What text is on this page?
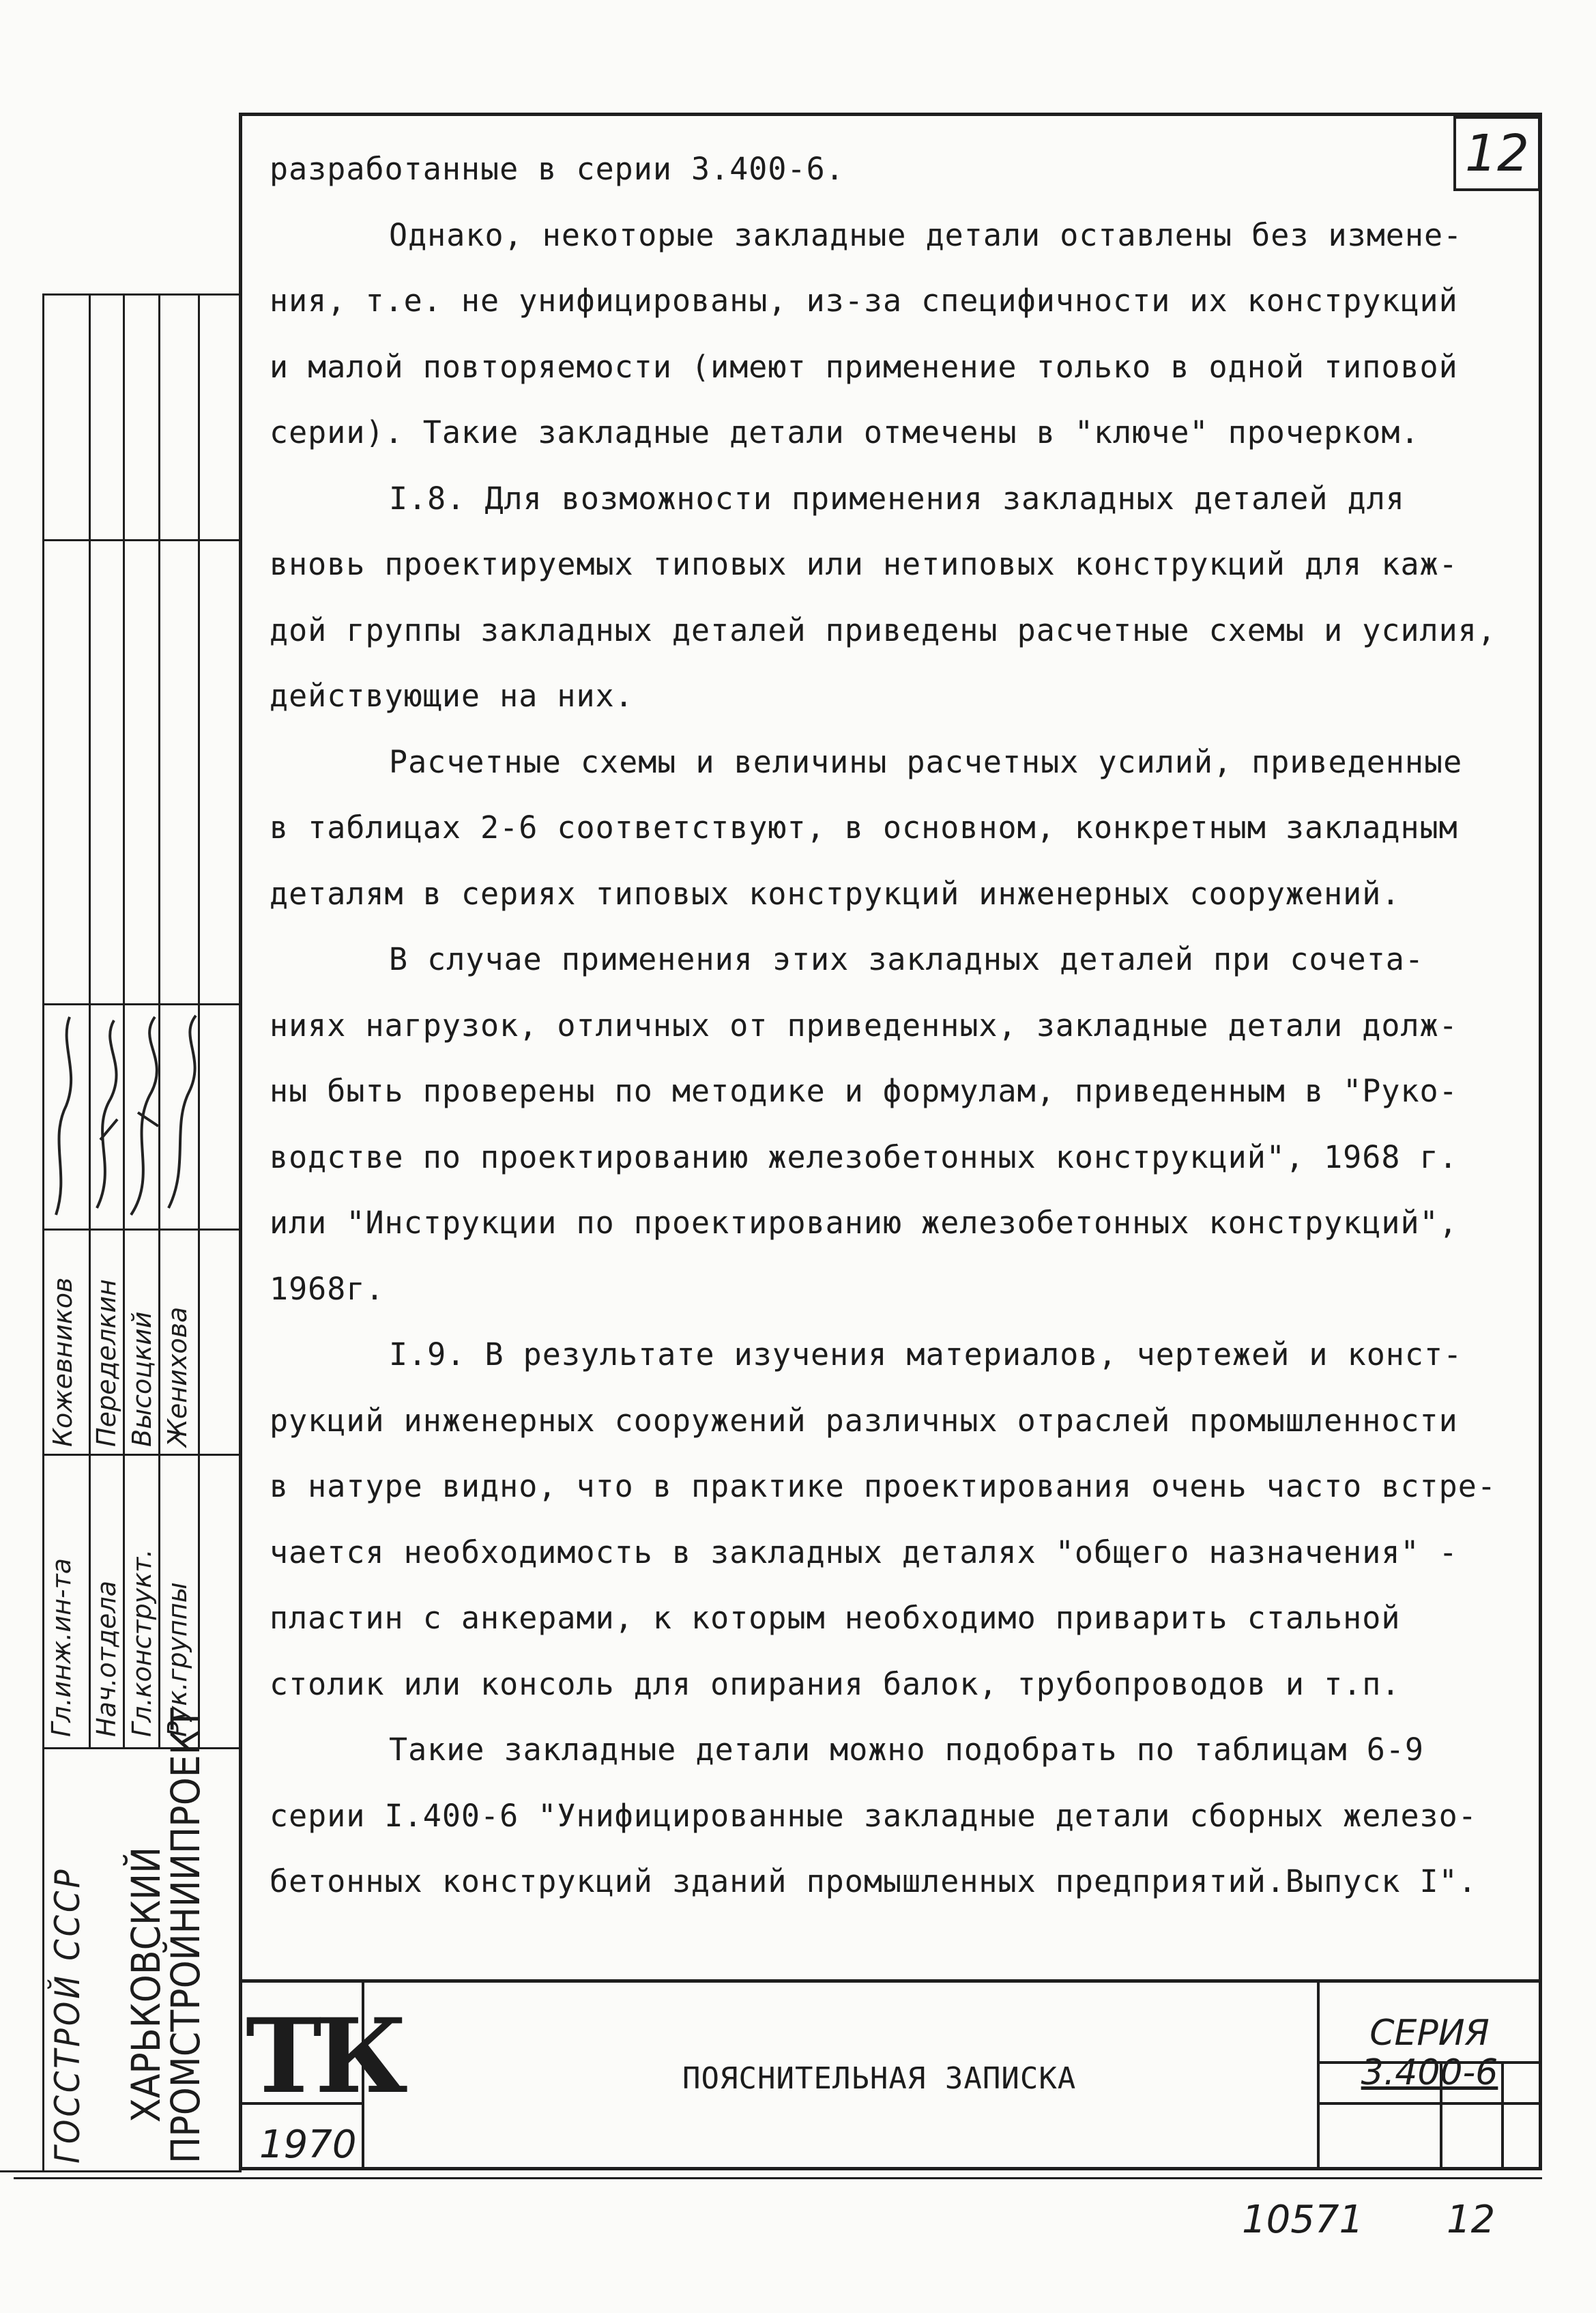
12

разработанные в серии 3.400-6.

Однако, некоторые закладные детали оставлены без измене-

ния, т.е. не унифицированы, из-за специфичности их конструкций

и малой повторяемости (имеют применение только в одной типовой

серии). Такие закладные детали отмечены в "ключе" прочерком.

I.8. Для возможности применения закладных деталей для

вновь проектируемых типовых или нетиповых конструкций для каж-

дой группы закладных деталей приведены расчетные схемы и усилия,

действующие на них.

Расчетные схемы и величины расчетных усилий, приведенные

в таблицах 2-6 соответствуют, в основном, конкретным закладным

деталям в сериях типовых конструкций инженерных сооружений.

В случае применения этих закладных деталей при сочета-

ниях нагрузок, отличных от приведенных, закладные детали долж-

ны быть проверены по методике и формулам, приведенным в "Руко-

водстве по проектированию железобетонных конструкций", 1968 г.

или "Инструкции по проектированию железобетонных конструкций",

1968г.

I.9. В результате изучения материалов, чертежей и конст-

рукций инженерных сооружений различных отраслей промышленности

в натуре видно, что в практике проектирования очень часто встре-

чается необходимость в закладных деталях "общего назначения" -

пластин с анкерами, к которым необходимо приварить стальной

столик или консоль для опирания балок, трубопроводов и т.п.

Такие закладные детали можно подобрать по таблицам 6-9

серии I.400-6 "Унифицированные закладные детали сборных железо-

бетонных конструкций зданий промышленных предприятий.Выпуск I".

Гл.инж.ин-та Нач.отдела Гл.конструкт. Рук.группы
Кожевников Переделкин Высоцкий Женихова
ГОССТРОЙ СССР ХАРЬКОВСКИЙ
ПРОМСТРОЙНИИПРОЕКТ ТК
1970
ПОЯСНИТЕЛЬНАЯ ЗАПИСКА
СЕРИЯ
3.400-6
10571 12
